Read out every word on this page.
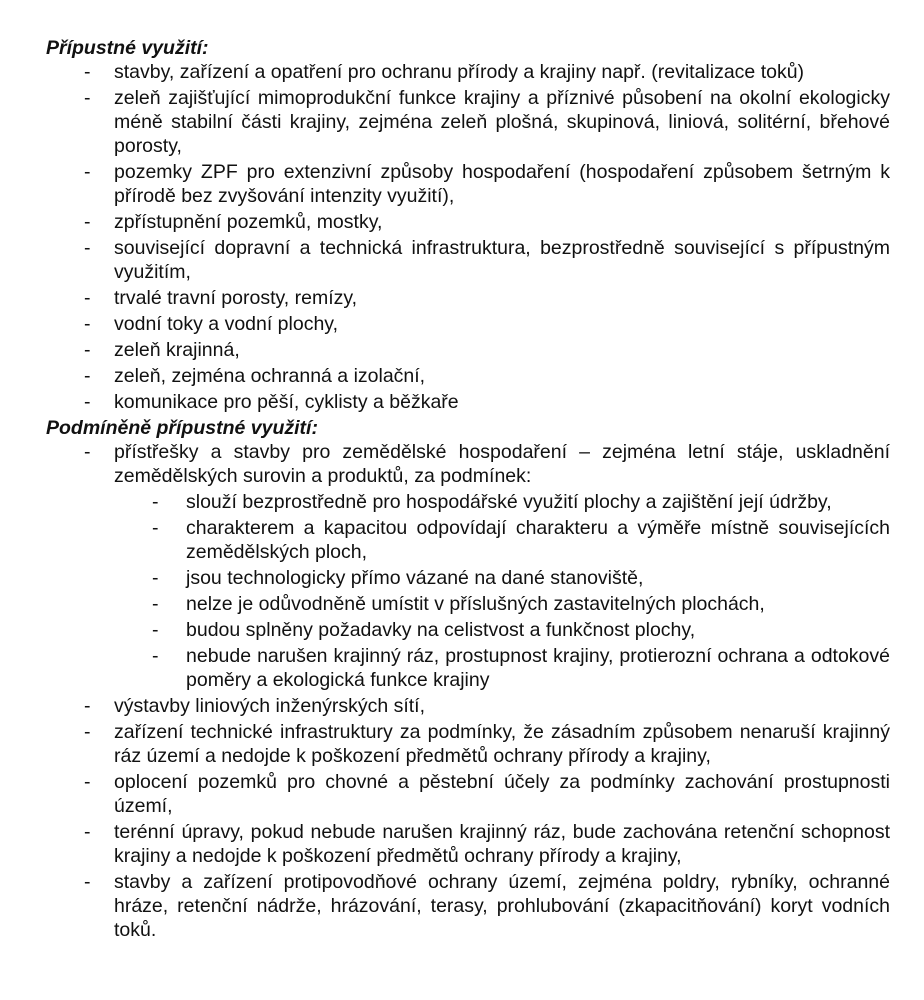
Přípustné využití:

- stavby, zařízení a opatření pro ochranu přírody a krajiny např. (revitalizace toků)
- zeleň zajišťující mimoprodukční funkce krajiny a příznivé působení na okolní ekologicky méně stabilní části krajiny, zejména zeleň plošná, skupinová, liniová, solitérní, břehové porosty,
- pozemky ZPF pro extenzivní způsoby hospodaření (hospodaření způsobem šetrným k přírodě bez zvyšování intenzity využití),
- zpřístupnění pozemků, mostky,
- související dopravní a technická infrastruktura, bezprostředně související s přípustným využitím,
- trvalé travní porosty, remízy,
- vodní toky a vodní plochy,
- zeleň krajinná,
- zeleň, zejména ochranná a izolační,
- komunikace pro pěší, cyklisty a běžkaře

Podmíněně přípustné využití:

- přístřešky a stavby pro zemědělské hospodaření – zejména letní stáje, uskladnění zemědělských surovin a produktů, za podmínek:
- slouží bezprostředně pro hospodářské využití plochy a zajištění její údržby,
- charakterem a kapacitou odpovídají charakteru a výměře místně souvisejících zemědělských ploch,
- jsou technologicky přímo vázané na dané stanoviště,
- nelze je odůvodněně umístit v příslušných zastavitelných plochách,
- budou splněny požadavky na celistvost a funkčnost plochy,
- nebude narušen krajinný ráz, prostupnost krajiny, protierozní ochrana a odtokové poměry a ekologická funkce krajiny
- výstavby liniových inženýrských sítí,
- zařízení technické infrastruktury za podmínky, že zásadním způsobem nenaruší krajinný ráz území a nedojde k poškození předmětů ochrany přírody a krajiny,
- oplocení pozemků pro chovné a pěstební účely za podmínky zachování prostupnosti území,
- terénní úpravy, pokud nebude narušen krajinný ráz, bude zachována retenční schopnost krajiny a nedojde k poškození předmětů ochrany přírody a krajiny,
- stavby a zařízení protipovodňové ochrany území, zejména poldry, rybníky, ochranné hráze, retenční nádrže, hrázování, terasy, prohlubování (zkapacitňování) koryt vodních toků.
